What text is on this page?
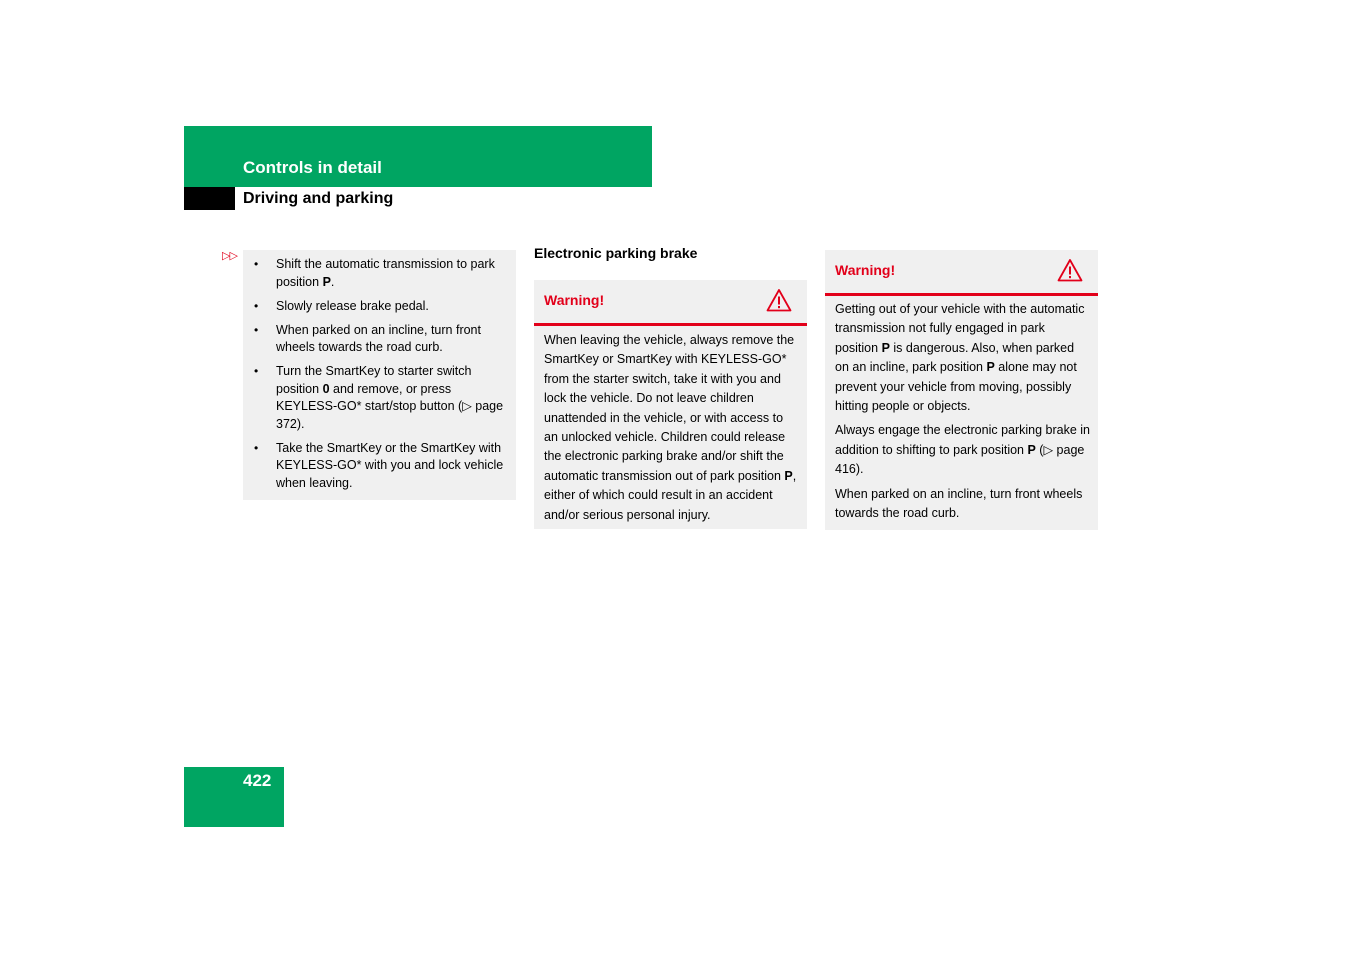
Controls in detail
Driving and parking
▷▷
• Shift the automatic transmission to park position P.
• Slowly release brake pedal.
• When parked on an incline, turn front wheels towards the road curb.
• Turn the SmartKey to starter switch position 0 and remove, or press KEYLESS-GO* start/stop button (▷ page 372).
• Take the SmartKey or the SmartKey with KEYLESS-GO* with you and lock vehicle when leaving.
Electronic parking brake
Warning!

When leaving the vehicle, always remove the SmartKey or SmartKey with KEYLESS-GO* from the starter switch, take it with you and lock the vehicle. Do not leave children unattended in the vehicle, or with access to an unlocked vehicle. Children could release the electronic parking brake and/or shift the automatic transmission out of park position P, either of which could result in an accident and/or serious personal injury.

Warning!

Getting out of your vehicle with the automatic transmission not fully engaged in park position P is dangerous. Also, when parked on an incline, park position P alone may not prevent your vehicle from moving, possibly hitting people or objects.

Always engage the electronic parking brake in addition to shifting to park position P (▷ page 416).

When parked on an incline, turn front wheels towards the road curb.

422
